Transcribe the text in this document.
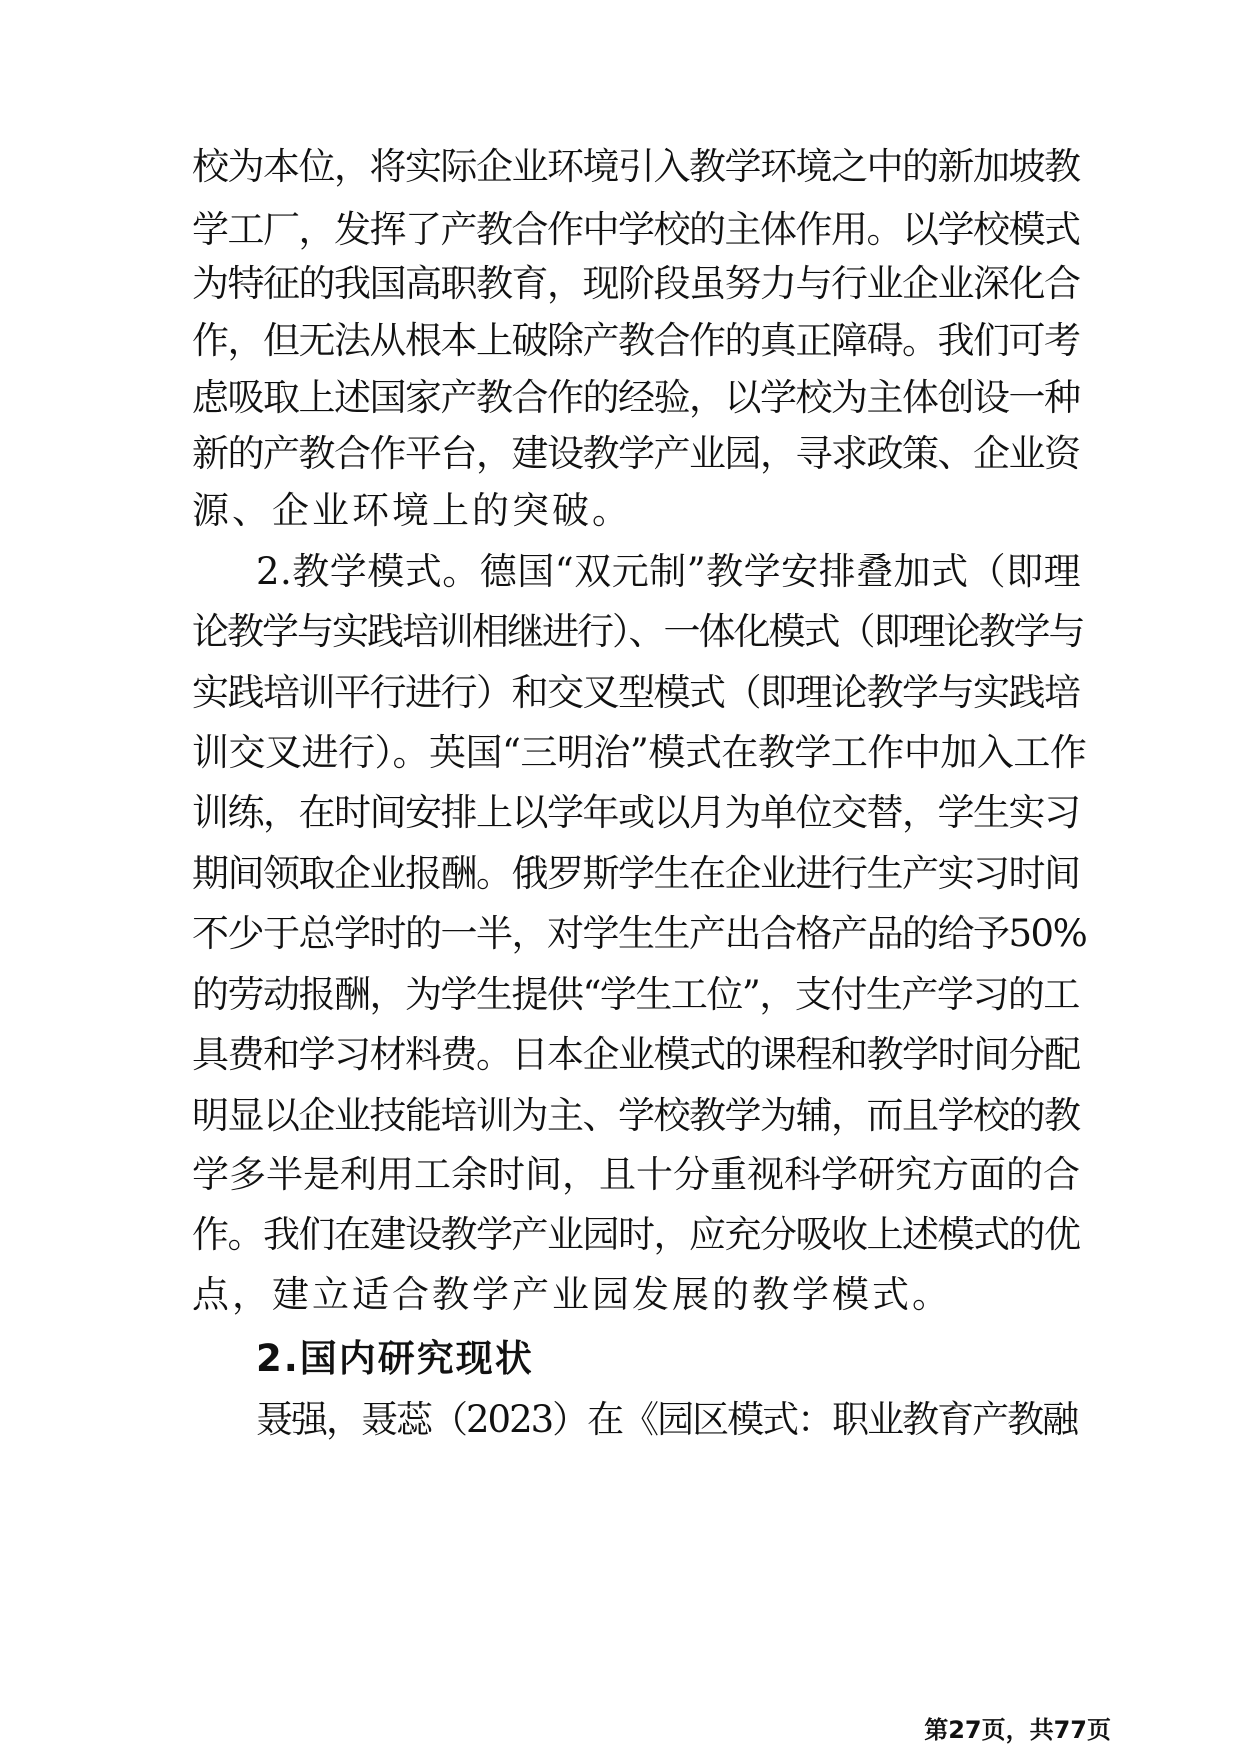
校为本位，将实际企业环境引入教学环境之中的新加坡教
学工厂，发挥了产教合作中学校的主体作用。以学校模式
为特征的我国高职教育，现阶段虽努力与行业企业深化合
作，但无法从根本上破除产教合作的真正障碍。我们可考
虑吸取上述国家产教合作的经验，以学校为主体创设一种
新的产教合作平台，建设教学产业园，寻求政策、企业资
源、企业环境上的突破。
2.教学模式。德国“双元制”教学安排叠加式（即理
论教学与实践培训相继进行）、一体化模式（即理论教学与
实践培训平行进行）和交叉型模式（即理论教学与实践培
训交叉进行）。英国“三明治”模式在教学工作中加入工作
训练，在时间安排上以学年或以月为单位交替，学生实习
期间领取企业报酬。俄罗斯学生在企业进行生产实习时间
不少于总学时的一半，对学生生产出合格产品的给予50%
的劳动报酬，为学生提供“学生工位”，支付生产学习的工
具费和学习材料费。日本企业模式的课程和教学时间分配
明显以企业技能培训为主、学校教学为辅，而且学校的教
学多半是利用工余时间，且十分重视科学研究方面的合
作。我们在建设教学产业园时，应充分吸收上述模式的优
点，建立适合教学产业园发展的教学模式。
2.国内研究现状
聂强，聂蕊（2023）在《园区模式：职业教育产教融
第27页，共77页
